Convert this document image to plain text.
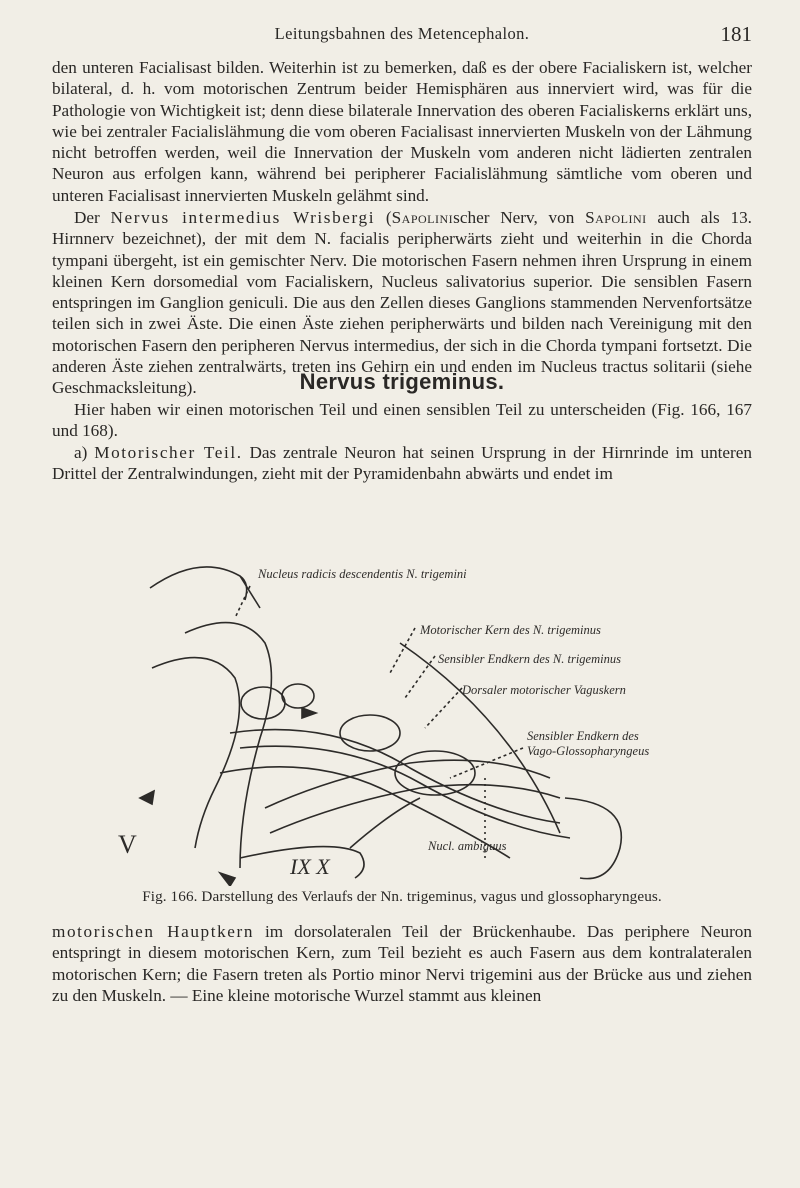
Leitungsbahnen des Metencephalon.	181

den unteren Facialisast bilden. Weiterhin ist zu bemerken, daß es der obere Facialiskern ist, welcher bilateral, d. h. vom motorischen Zentrum beider Hemisphären aus innerviert wird, was für die Pathologie von Wichtigkeit ist; denn diese bilaterale Innervation des oberen Facialiskerns erklärt uns, wie bei zentraler Facialislähmung die vom oberen Facialisast innervierten Muskeln von der Lähmung nicht betroffen werden, weil die Innervation der Muskeln vom anderen nicht lädierten zentralen Neuron aus erfolgen kann, während bei peripherer Facialislähmung sämtliche vom oberen und unteren Facialisast innervierten Muskeln gelähmt sind.

Der Nervus intermedius Wrisbergi (Sapolinischer Nerv, von Sapolini auch als 13. Hirnnerv bezeichnet), der mit dem N. facialis peripherwärts zieht und weiterhin in die Chorda tympani übergeht, ist ein gemischter Nerv. Die motorischen Fasern nehmen ihren Ursprung in einem kleinen Kern dorsomedial vom Facialiskern, Nucleus salivatorius superior. Die sensiblen Fasern entspringen im Ganglion geniculi. Die aus den Zellen dieses Ganglions stammenden Nervenfortsätze teilen sich in zwei Äste. Die einen Äste ziehen peripherwärts und bilden nach Vereinigung mit den motorischen Fasern den peripheren Nervus intermedius, der sich in die Chorda tympani fortsetzt. Die anderen Äste ziehen zentralwärts, treten ins Gehirn ein und enden im Nucleus tractus solitarii (siehe Geschmacksleitung).	Nervus trigeminus.

Hier haben wir einen motorischen Teil und einen sensiblen Teil zu unterscheiden (Fig. 166, 167 und 168).

a) Motorischer Teil. Das zentrale Neuron hat seinen Ursprung in der Hirnrinde im unteren Drittel der Zentralwindungen, zieht mit der Pyramidenbahn abwärts und endet im

Nucleus radicis descendentis N. trigemini
Motorischer Kern des N. trigeminus
Sensibler Endkern des N. trigeminus
Dorsaler motorischer Vaguskern
Sensibler Endkern des
Vago-Glossopharyngeus
Nucl. ambiguus
V
IX X
Fig. 166. Darstellung des Verlaufs der Nn. trigeminus, vagus und glossopharyngeus.

motorischen Hauptkern im dorsolateralen Teil der Brückenhaube. Das periphere Neuron entspringt in diesem motorischen Kern, zum Teil bezieht es auch Fasern aus dem kontralateralen motorischen Kern; die Fasern treten als Portio minor Nervi trigemini aus der Brücke aus und ziehen zu den Muskeln. — Eine kleine motorische Wurzel stammt aus kleinen
